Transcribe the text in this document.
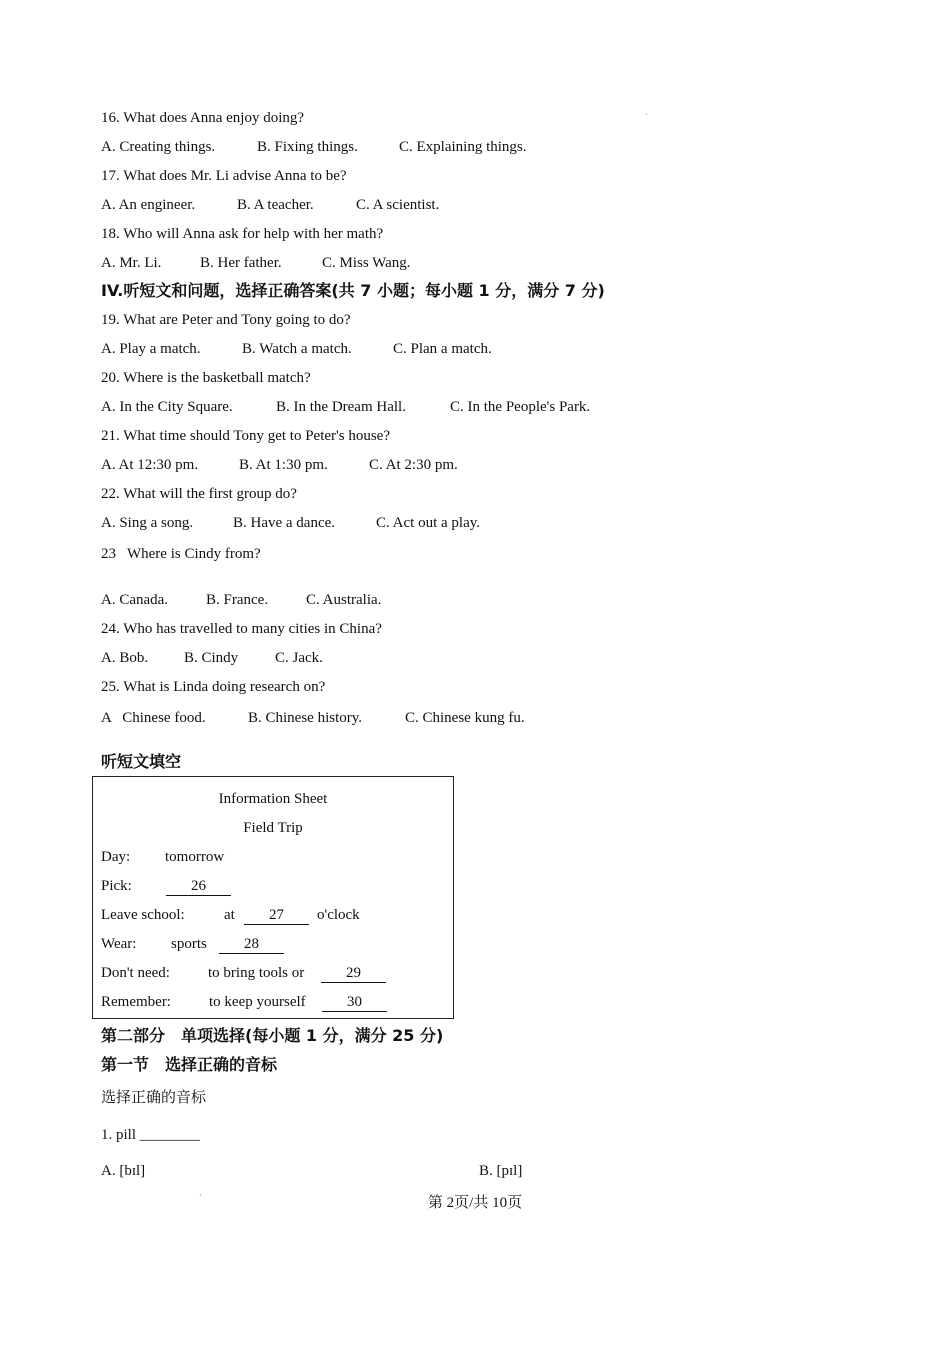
·
·
16. What does Anna enjoy doing?
A. Creating things.	B. Fixing things.	C. Explaining things.
17. What does Mr. Li advise Anna to be?
A. An engineer.	B. A teacher.	C. A scientist.
18. Who will Anna ask for help with her math?
A. Mr. Li.	B. Her father.	C. Miss Wang.
IV.听短文和问题，选择正确答案(共 7 小题；每小题 1 分，满分 7 分)
19. What are Peter and Tony going to do?
A. Play a match.	B. Watch a match.	C. Plan a match.
20. Where is the basketball match?
A. In the City Square.	B. In the Dream Hall.	C. In the People's Park.
21. What time should Tony get to Peter's house?
A. At 12:30 pm.	B. At 1:30 pm.	C. At 2:30 pm.
22. What will the first group do?
A. Sing a song.	B. Have a dance.	C. Act out a play.
23   Where is Cindy from?
A. Canada.	B. France.	C. Australia.
24. Who has travelled to many cities in China?
A. Bob. B. Cindy C. Jack.
25. What is Linda doing research on?
A   Chinese food.	B. Chinese history.	C. Chinese kung fu.
听短文填空
Information Sheet
Field Trip
Day: tomorrow
Pick:	26
Leave school:	at	27	o'clock
Wear: sports	28
Don't need:	to bring tools or	29
Remember:	to keep yourself	30
第二部分　单项选择(每小题 1 分，满分 25 分)
第一节　选择正确的音标
选择正确的音标
1. pill ________
A. [bɪl]	B. [pɪl]
第 2页/共 10页
